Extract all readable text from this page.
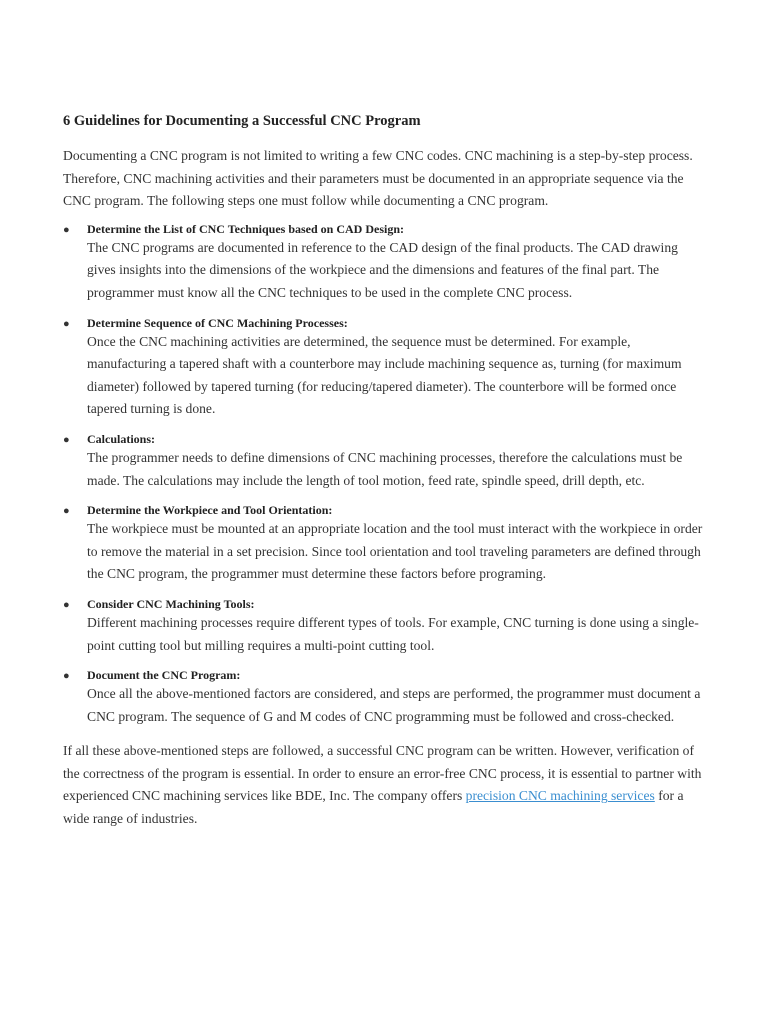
6 Guidelines for Documenting a Successful CNC Program

Documenting a CNC program is not limited to writing a few CNC codes. CNC machining is a step-by-step process. Therefore, CNC machining activities and their parameters must be documented in an appropriate sequence via the CNC program. The following steps one must follow while documenting a CNC program.

● Determine the List of CNC Techniques based on CAD Design:
The CNC programs are documented in reference to the CAD design of the final products. The CAD drawing gives insights into the dimensions of the workpiece and the dimensions and features of the final part. The programmer must know all the CNC techniques to be used in the complete CNC process.
● Determine Sequence of CNC Machining Processes:
Once the CNC machining activities are determined, the sequence must be determined. For example, manufacturing a tapered shaft with a counterbore may include machining sequence as, turning (for maximum diameter) followed by tapered turning (for reducing/tapered diameter). The counterbore will be formed once tapered turning is done.
● Calculations:
The programmer needs to define dimensions of CNC machining processes, therefore the calculations must be made. The calculations may include the length of tool motion, feed rate, spindle speed, drill depth, etc.
● Determine the Workpiece and Tool Orientation:
The workpiece must be mounted at an appropriate location and the tool must interact with the workpiece in order to remove the material in a set precision. Since tool orientation and tool traveling parameters are defined through the CNC program, the programmer must determine these factors before programing.
● Consider CNC Machining Tools:
Different machining processes require different types of tools. For example, CNC turning is done using a single-point cutting tool but milling requires a multi-point cutting tool.
● Document the CNC Program:
Once all the above-mentioned factors are considered, and steps are performed, the programmer must document a CNC program. The sequence of G and M codes of CNC programming must be followed and cross-checked.

If all these above-mentioned steps are followed, a successful CNC program can be written. However, verification of the correctness of the program is essential. In order to ensure an error-free CNC process, it is essential to partner with experienced CNC machining services like BDE, Inc. The company offers precision CNC machining services for a wide range of industries.
